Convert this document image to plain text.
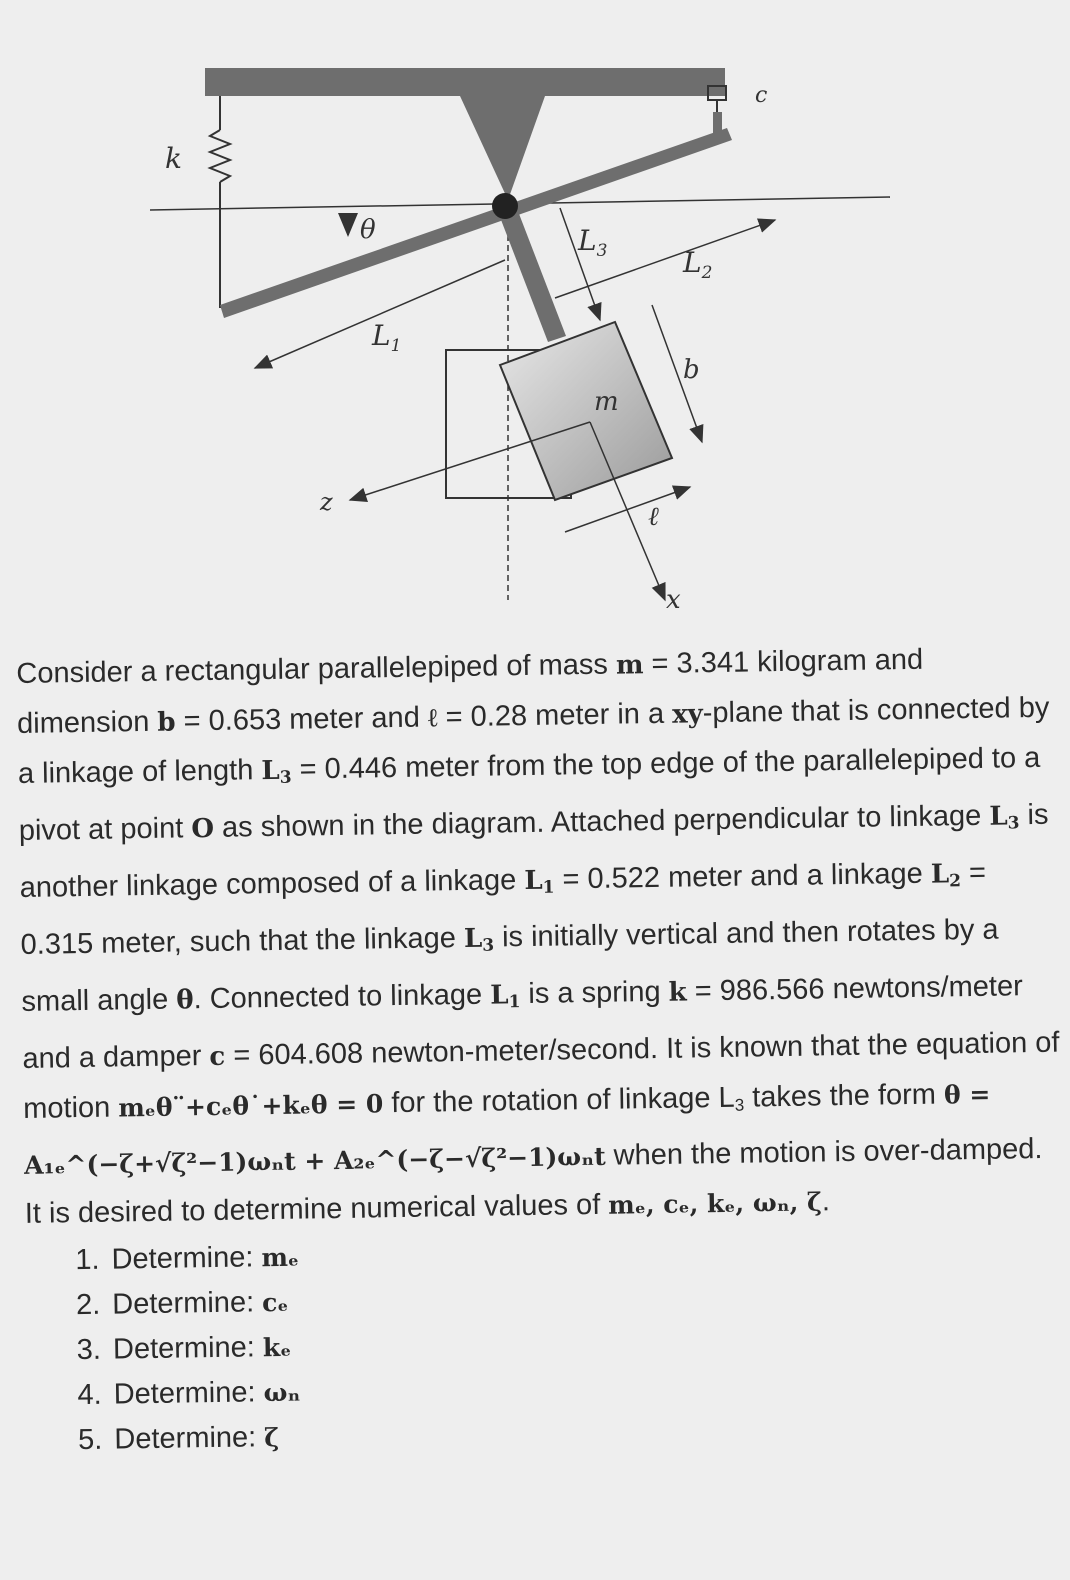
k
c
θ
$L_1$
$L_2$
$L_3$
b
m
ℓ
x
z

Consider a rectangular parallelepiped of mass m = 3.341 kilogram and dimension b = 0.653 meter and ℓ = 0.28 meter in a xy-plane that is connected by a linkage of length $L_3 = 0.446$ meter from the top edge of the parallelepiped to a pivot at point O as shown in the diagram. Attached perpendicular to linkage $L_3$ is another linkage composed of a linkage $L_1 = 0.522$ meter and a linkage $L_2 = 0.315$ meter, such that the linkage $L_3$ is initially vertical and then rotates by a small angle θ. Connected to linkage $L_1$ is a spring k = 986.566 newtons/meter and a damper c = 604.608 newton-meter/second. It is known that the equation of motion mₑθ¨+cₑθ˙+kₑθ = 0 for the rotation of linkage $L_3$ takes the form θ = A₁ₑ^(−ζ+√ζ²−1)ωₙt + A₂ₑ^(−ζ−√ζ²−1)ωₙt when the motion is over-damped.

It is desired to determine numerical values of mₑ, cₑ, kₑ, ωₙ, ζ.

1. Determine: mₑ
2. Determine: cₑ
3. Determine: kₑ
4. Determine: ωₙ
5. Determine: ζ
